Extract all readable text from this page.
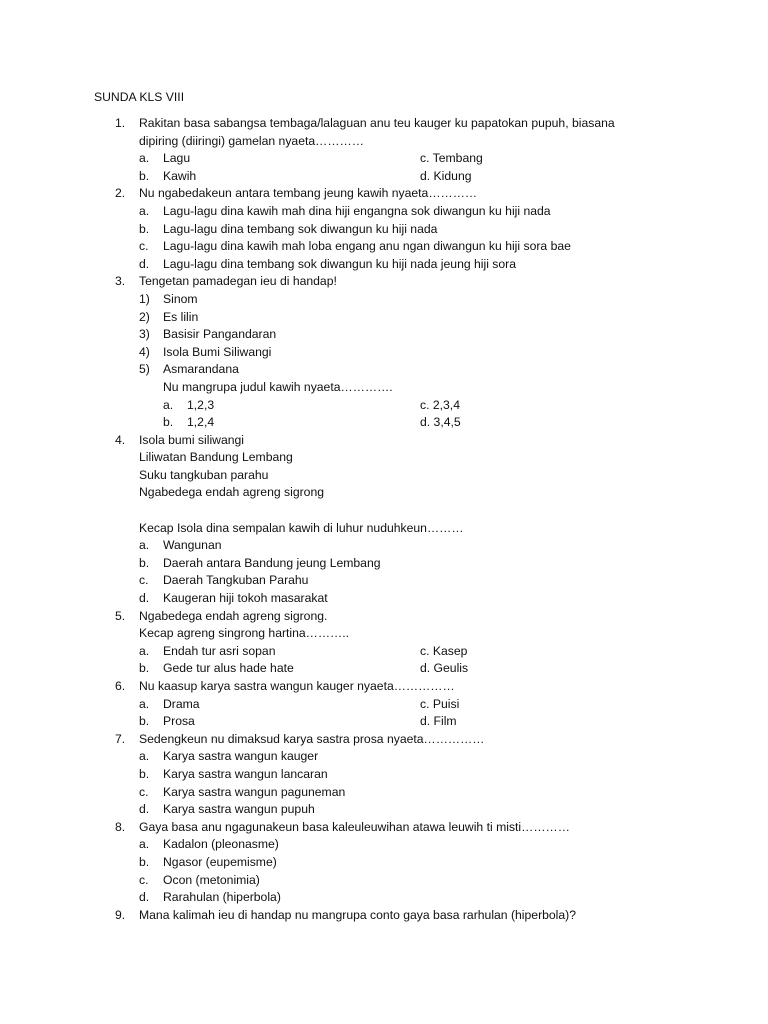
SUNDA KLS VIII
1. Rakitan basa sabangsa tembaga/lalaguan anu teu kauger ku papatokan pupuh, biasana
dipiring (diiringi) gamelan nyaeta…………
a. Lagu	c. Tembang
b. Kawih	d. Kidung
2. Nu ngabedakeun antara tembang jeung kawih nyaeta…………
a. Lagu-lagu dina kawih mah dina hiji engangna sok diwangun ku hiji nada
b. Lagu-lagu dina tembang sok diwangun ku hiji nada
c. Lagu-lagu dina kawih mah loba engang anu ngan diwangun ku hiji sora bae
d. Lagu-lagu dina tembang sok diwangun ku hiji nada jeung hiji sora
3. Tengetan pamadegan ieu di handap!
1) Sinom
2) Es lilin
3) Basisir Pangandaran
4) Isola Bumi Siliwangi
5) Asmarandana
Nu mangrupa judul kawih nyaeta………….
a. 1,2,3	c. 2,3,4
b. 1,2,4	d. 3,4,5
4. Isola bumi siliwangi
Liliwatan Bandung Lembang
Suku tangkuban parahu
Ngabedega endah agreng sigrong
Kecap Isola dina sempalan kawih di luhur nuduhkeun………
a. Wangunan
b. Daerah antara Bandung jeung Lembang
c. Daerah Tangkuban Parahu
d. Kaugeran hiji tokoh masarakat
5. Ngabedega endah agreng sigrong.
Kecap agreng singrong hartina………..
a. Endah tur asri sopan	c. Kasep
b. Gede tur alus hade hate	d. Geulis
6. Nu kaasup karya sastra wangun kauger nyaeta……………
a. Drama	c. Puisi
b. Prosa	d. Film
7. Sedengkeun nu dimaksud karya sastra prosa nyaeta……………
a. Karya sastra wangun kauger
b. Karya sastra wangun lancaran
c. Karya sastra wangun paguneman
d. Karya sastra wangun pupuh
8. Gaya basa anu ngagunakeun basa kaleuleuwihan atawa leuwih ti misti…………
a. Kadalon (pleonasme)
b. Ngasor (eupemisme)
c. Ocon (metonimia)
d. Rarahulan (hiperbola)
9. Mana kalimah ieu di handap nu mangrupa conto gaya basa rarhulan (hiperbola)?
